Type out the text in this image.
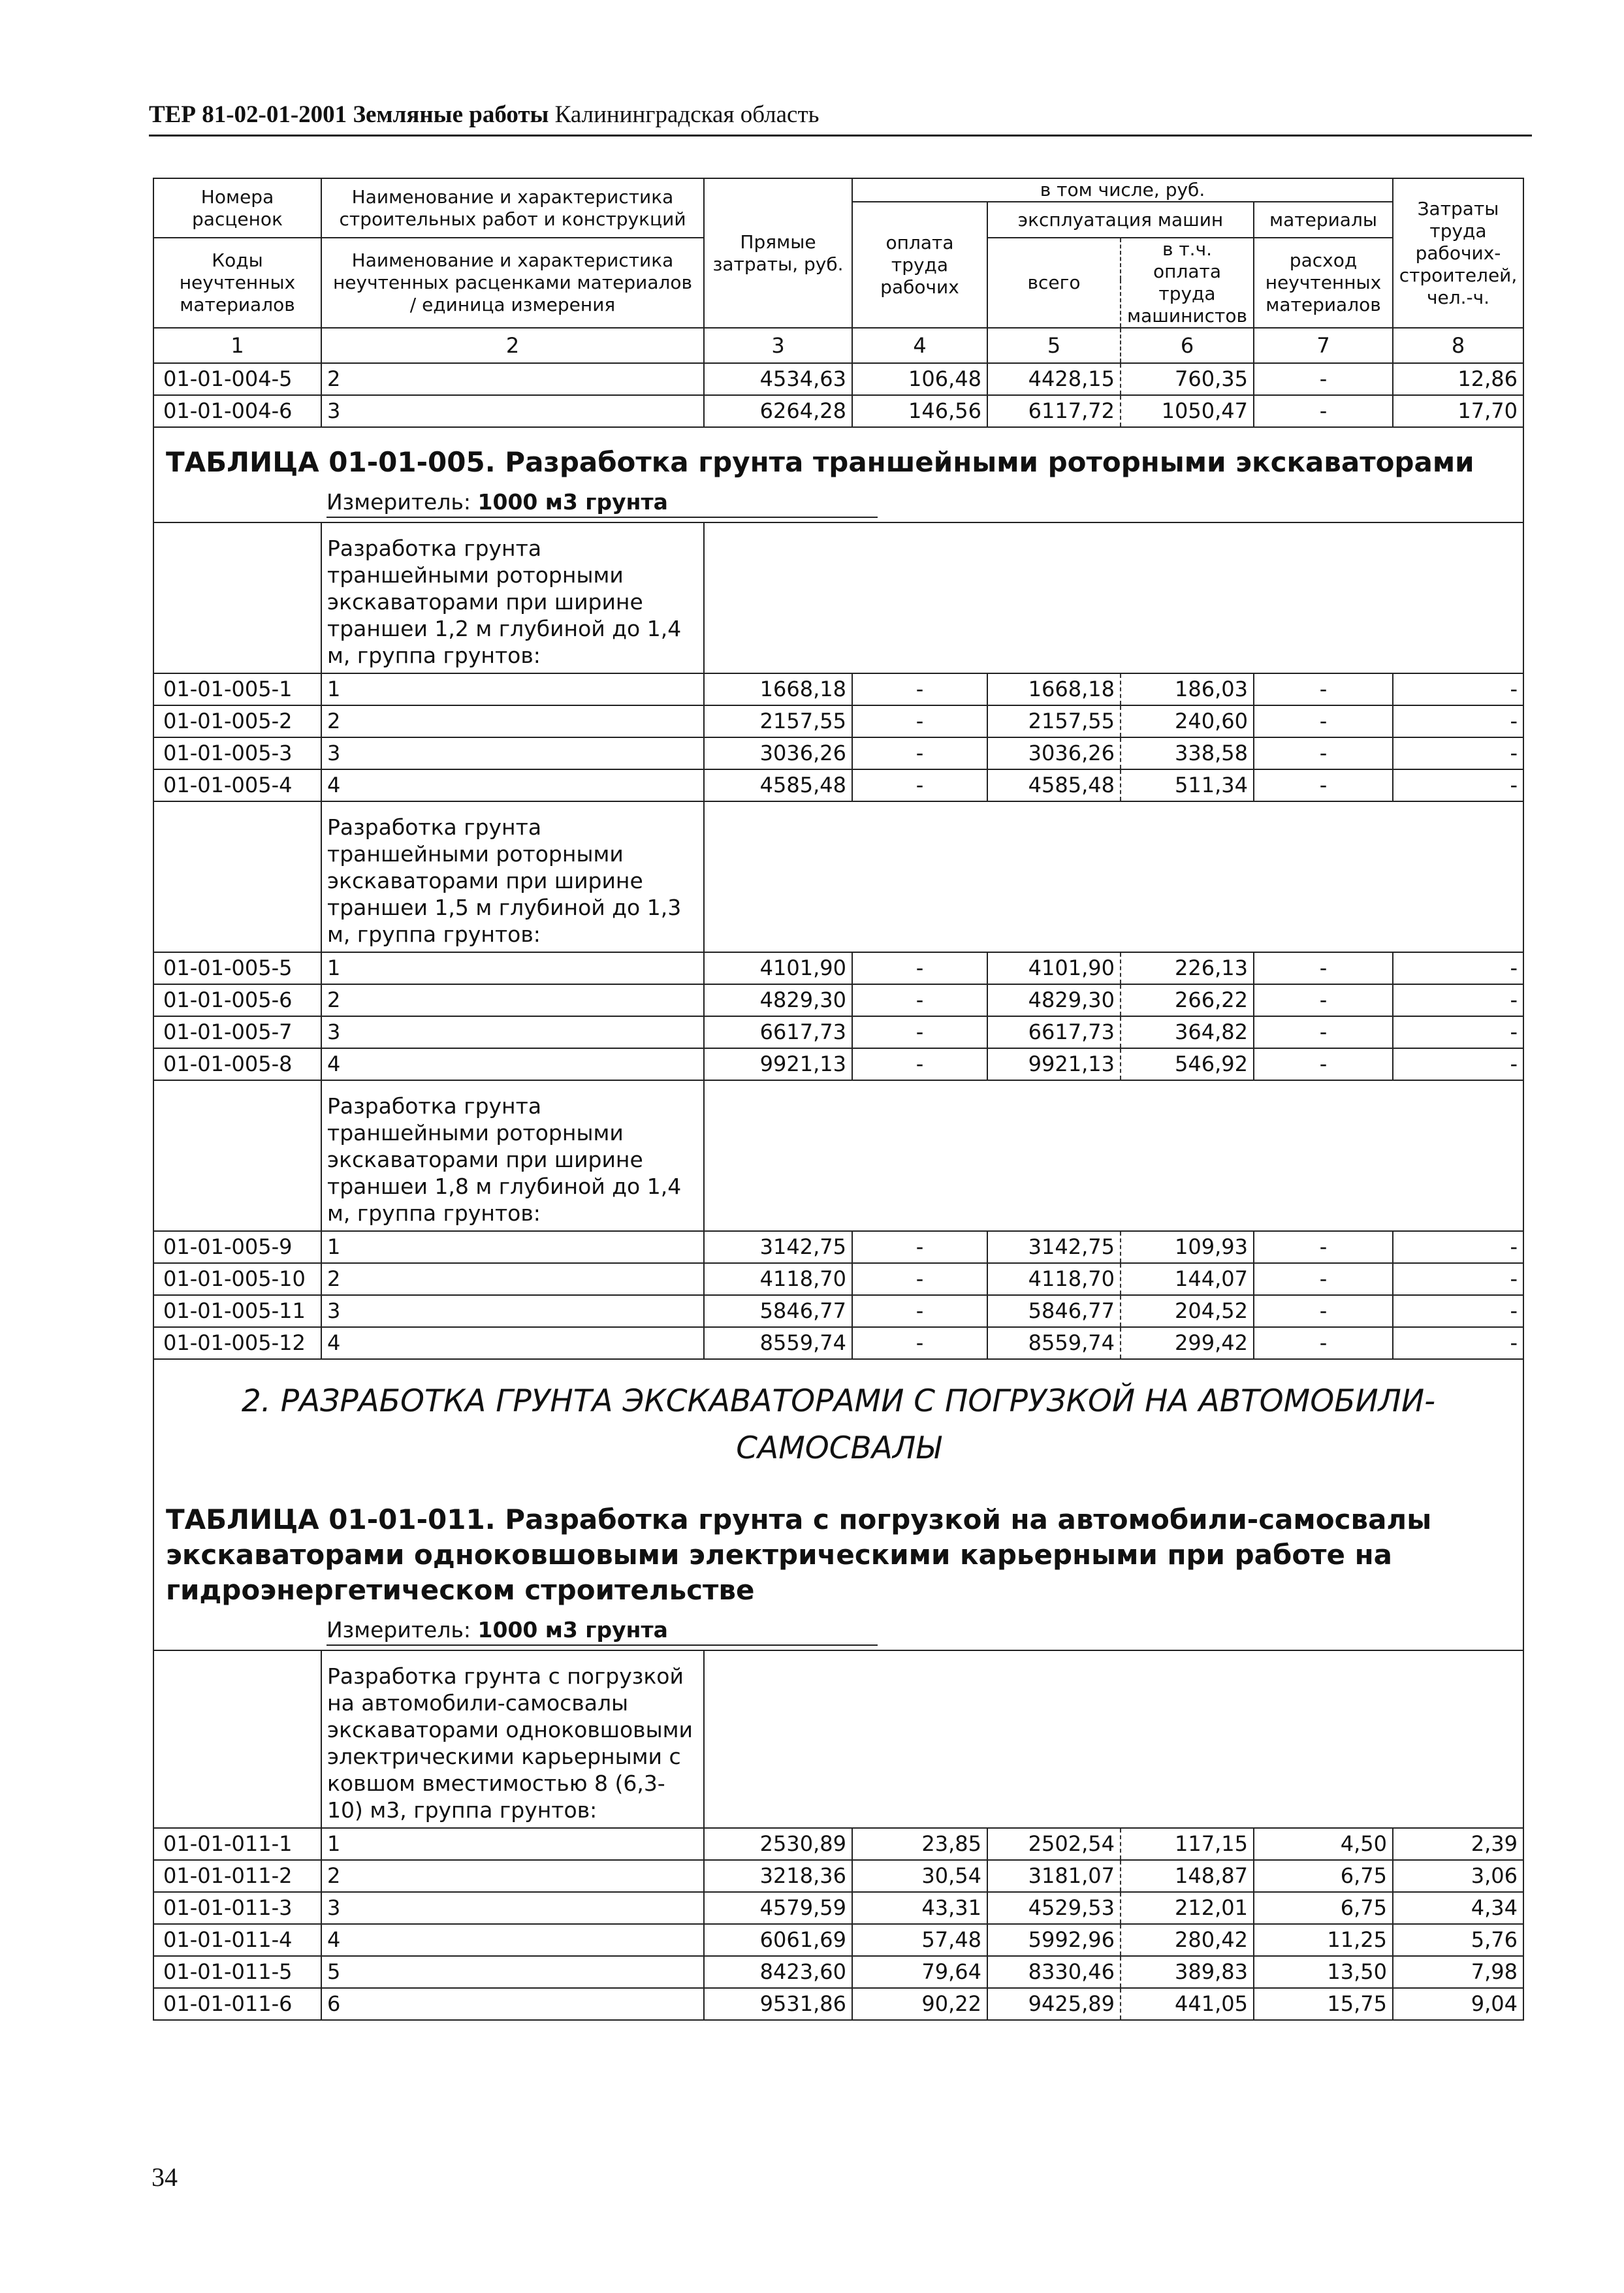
ТЕР 81-02-01-2001 Земляные работы Калининградская область
Номера расценок	Наименование и характеристика строительных работ и конструкций	Прямые затраты, руб.	в том числе, руб.				Затраты труда рабочих-строителей, чел.-ч.
			оплата труда рабочих	эксплуатация машин		материалы	
Коды неучтенных материалов	Наименование и характеристика неучтенных расценками материалов / единица измерения			всего	в т.ч. оплата труда машинистов	расход неучтенных материалов	

1	2	3	4	5	6	7	8
01-01-004-5	2	4534,63	106,48	4428,15	760,35	-	12,86
01-01-004-6	3	6264,28	146,56	6117,72	1050,47	-	17,70
ТАБЛИЦА 01-01-005. Разработка грунта траншейными роторными экскаваторами							
Измеритель: 1000 м3 грунта							
	Разработка грунта траншейными роторными экскаваторами при ширине траншеи 1,2 м глубиной до 1,4 м, группа грунтов:						
01-01-005-1	1	1668,18	-	1668,18	186,03	-	-
01-01-005-2	2	2157,55	-	2157,55	240,60	-	-
01-01-005-3	3	3036,26	-	3036,26	338,58	-	-
01-01-005-4	4	4585,48	-	4585,48	511,34	-	-
	Разработка грунта траншейными роторными экскаваторами при ширине траншеи 1,5 м глубиной до 1,3 м, группа грунтов:						
01-01-005-5	1	4101,90	-	4101,90	226,13	-	-
01-01-005-6	2	4829,30	-	4829,30	266,22	-	-
01-01-005-7	3	6617,73	-	6617,73	364,82	-	-
01-01-005-8	4	9921,13	-	9921,13	546,92	-	-
	Разработка грунта траншейными роторными экскаваторами при ширине траншеи 1,8 м глубиной до 1,4 м, группа грунтов:						
01-01-005-9	1	3142,75	-	3142,75	109,93	-	-
01-01-005-10	2	4118,70	-	4118,70	144,07	-	-
01-01-005-11	3	5846,77	-	5846,77	204,52	-	-
01-01-005-12	4	8559,74	-	8559,74	299,42	-	-
2. РАЗРАБОТКА ГРУНТА ЭКСКАВАТОРАМИ С ПОГРУЗКОЙ НА АВТОМОБИЛИ-САМОСВАЛЫ							
ТАБЛИЦА 01-01-011. Разработка грунта с погрузкой на автомобили-самосвалы экскаваторами одноковшовыми электрическими карьерными при работе на гидроэнергетическом строительстве							
Измеритель: 1000 м3 грунта							
	Разработка грунта с погрузкой на автомобили-самосвалы экскаваторами одноковшовыми электрическими карьерными с ковшом вместимостью 8 (6,3-10) м3, группа грунтов:						
01-01-011-1	1	2530,89	23,85	2502,54	117,15	4,50	2,39
01-01-011-2	2	3218,36	30,54	3181,07	148,87	6,75	3,06
01-01-011-3	3	4579,59	43,31	4529,53	212,01	6,75	4,34
01-01-011-4	4	6061,69	57,48	5992,96	280,42	11,25	5,76
01-01-011-5	5	8423,60	79,64	8330,46	389,83	13,50	7,98
01-01-011-6	6	9531,86	90,22	9425,89	441,05	15,75	9,04
34
